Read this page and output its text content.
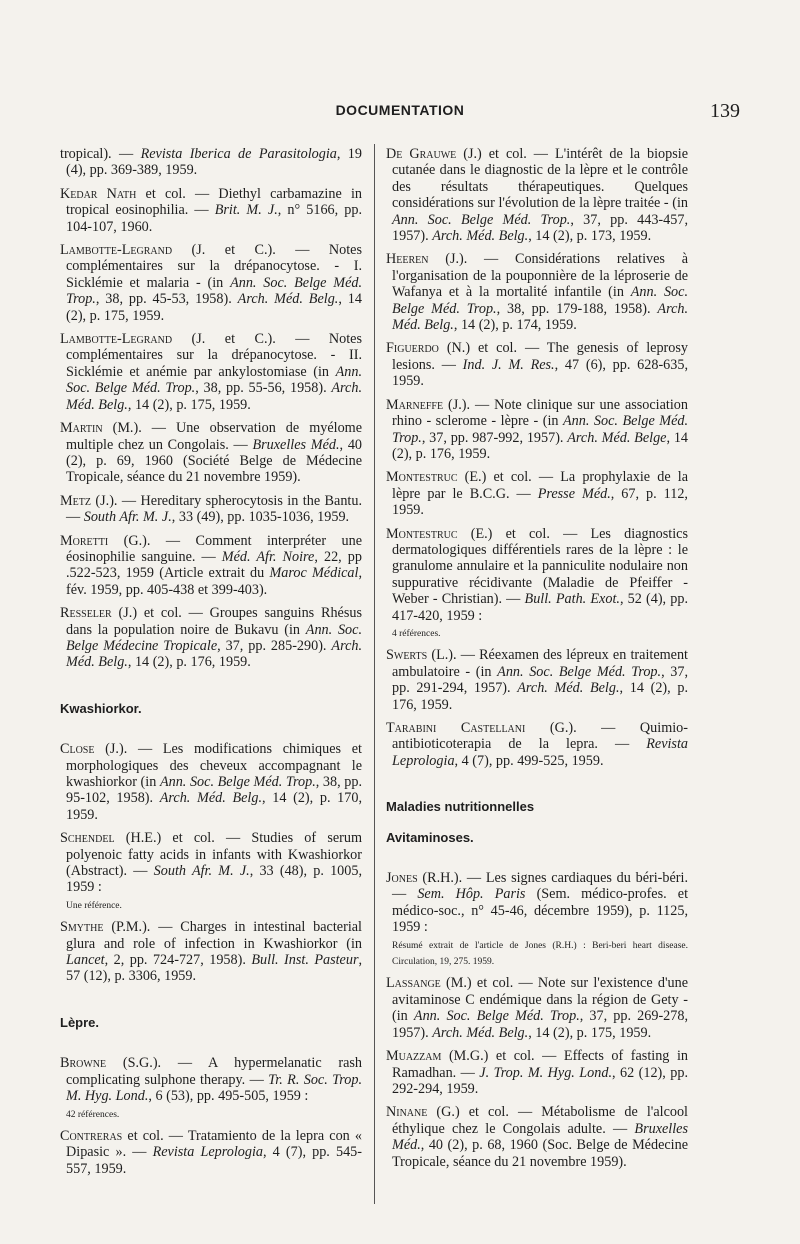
DOCUMENTATION	139

tropical). — Revista Iberica de Parasitologia, 19 (4), pp. 369-389, 1959.

Kedar Nath et col. — Diethyl carbamazine in tropical eosinophilia. — Brit. M. J., n° 5166, pp. 104-107, 1960.

Lambotte-Legrand (J. et C.). — Notes complémentaires sur la drépanocytose. - I. Sicklémie et malaria - (in Ann. Soc. Belge Méd. Trop., 38, pp. 45-53, 1958). Arch. Méd. Belg., 14 (2), p. 175, 1959.

Lambotte-Legrand (J. et C.). — Notes complémentaires sur la drépanocytose. - II. Sicklémie et anémie par ankylostomiase (in Ann. Soc. Belge Méd. Trop., 38, pp. 55-56, 1958). Arch. Méd. Belg., 14 (2), p. 175, 1959.

Martin (M.). — Une observation de myélome multiple chez un Congolais. — Bruxelles Méd., 40 (2), p. 69, 1960 (Société Belge de Médecine Tropicale, séance du 21 novembre 1959).

Metz (J.). — Hereditary spherocytosis in the Bantu. — South Afr. M. J., 33 (49), pp. 1035-1036, 1959.

Moretti (G.). — Comment interpréter une éosinophilie sanguine. — Méd. Afr. Noire, 22, pp .522-523, 1959 (Article extrait du Maroc Médical, fév. 1959, pp. 405-438 et 399-403).

Resseler (J.) et col. — Groupes sanguins Rhésus dans la population noire de Bukavu (in Ann. Soc. Belge Médecine Tropicale, 37, pp. 285-290). Arch. Méd. Belg., 14 (2), p. 176, 1959.

Kwashiorkor.

Close (J.). — Les modifications chimiques et morphologiques des cheveux accompagnant le kwashiorkor (in Ann. Soc. Belge Méd. Trop., 38, pp. 95-102, 1958). Arch. Méd. Belg., 14 (2), p. 170, 1959.

Schendel (H.E.) et col. — Studies of serum polyenoic fatty acids in infants with Kwashiorkor (Abstract). — South Afr. M. J., 33 (48), p. 1005, 1959 :
Une référence.

Smythe (P.M.). — Charges in intestinal bacterial glura and role of infection in Kwashiorkor (in Lancet, 2, pp. 724-727, 1958). Bull. Inst. Pasteur, 57 (12), p. 3306, 1959.

Lèpre.

Browne (S.G.). — A hypermelanatic rash complicating sulphone therapy. — Tr. R. Soc. Trop. M. Hyg. Lond., 6 (53), pp. 495-505, 1959 :
42 références.

Contreras et col. — Tratamiento de la lepra con « Dipasic ». — Revista Leprologia, 4 (7), pp. 545-557, 1959.

De Grauwe (J.) et col. — L'intérêt de la biopsie cutanée dans le diagnostic de la lèpre et le contrôle des résultats thérapeutiques. Quelques considérations sur l'évolution de la lèpre traitée - (in Ann. Soc. Belge Méd. Trop., 37, pp. 443-457, 1957). Arch. Méd. Belg., 14 (2), p. 173, 1959.

Heeren (J.). — Considérations relatives à l'organisation de la pouponnière de la léproserie de Wafanya et à la mortalité infantile (in Ann. Soc. Belge Méd. Trop., 38, pp. 179-188, 1958). Arch. Méd. Belg., 14 (2), p. 174, 1959.

Figuerdo (N.) et col. — The genesis of leprosy lesions. — Ind. J. M. Res., 47 (6), pp. 628-635, 1959.

Marneffe (J.). — Note clinique sur une association rhino - sclerome - lèpre - (in Ann. Soc. Belge Méd. Trop., 37, pp. 987-992, 1957). Arch. Méd. Belge, 14 (2), p. 176, 1959.

Montestruc (E.) et col. — La prophylaxie de la lèpre par le B.C.G. — Presse Méd., 67, p. 112, 1959.

Montestruc (E.) et col. — Les diagnostics dermatologiques différentiels rares de la lèpre : le granulome annulaire et la panniculite nodulaire non suppurative récidivante (Maladie de Pfeiffer - Weber - Christian). — Bull. Path. Exot., 52 (4), pp. 417-420, 1959 :
4 références.

Swerts (L.). — Réexamen des lépreux en traitement ambulatoire - (in Ann. Soc. Belge Méd. Trop., 37, pp. 291-294, 1957). Arch. Méd. Belg., 14 (2), p. 176, 1959.

Tarabini Castellani (G.). — Quimio-antibioticoterapia de la lepra. — Revista Leprologia, 4 (7), pp. 499-525, 1959.

Maladies nutritionnelles

Avitaminoses.

Jones (R.H.). — Les signes cardiaques du béri-béri. — Sem. Hôp. Paris (Sem. médico-profes. et médico-soc., n° 45-46, décembre 1959), p. 1125, 1959 :
Résumé extrait de l'article de Jones (R.H.) : Beri-beri heart disease. Circulation, 19, 275. 1959.

Lassange (M.) et col. — Note sur l'existence d'une avitaminose C endémique dans la région de Gety - (in Ann. Soc. Belge Méd. Trop., 37, pp. 269-278, 1957). Arch. Méd. Belg., 14 (2), p. 175, 1959.

Muazzam (M.G.) et col. — Effects of fasting in Ramadhan. — J. Trop. M. Hyg. Lond., 62 (12), pp. 292-294, 1959.

Ninane (G.) et col. — Métabolisme de l'alcool éthylique chez le Congolais adulte. — Bruxelles Méd., 40 (2), p. 68, 1960 (Soc. Belge de Médecine Tropicale, séance du 21 novembre 1959).
